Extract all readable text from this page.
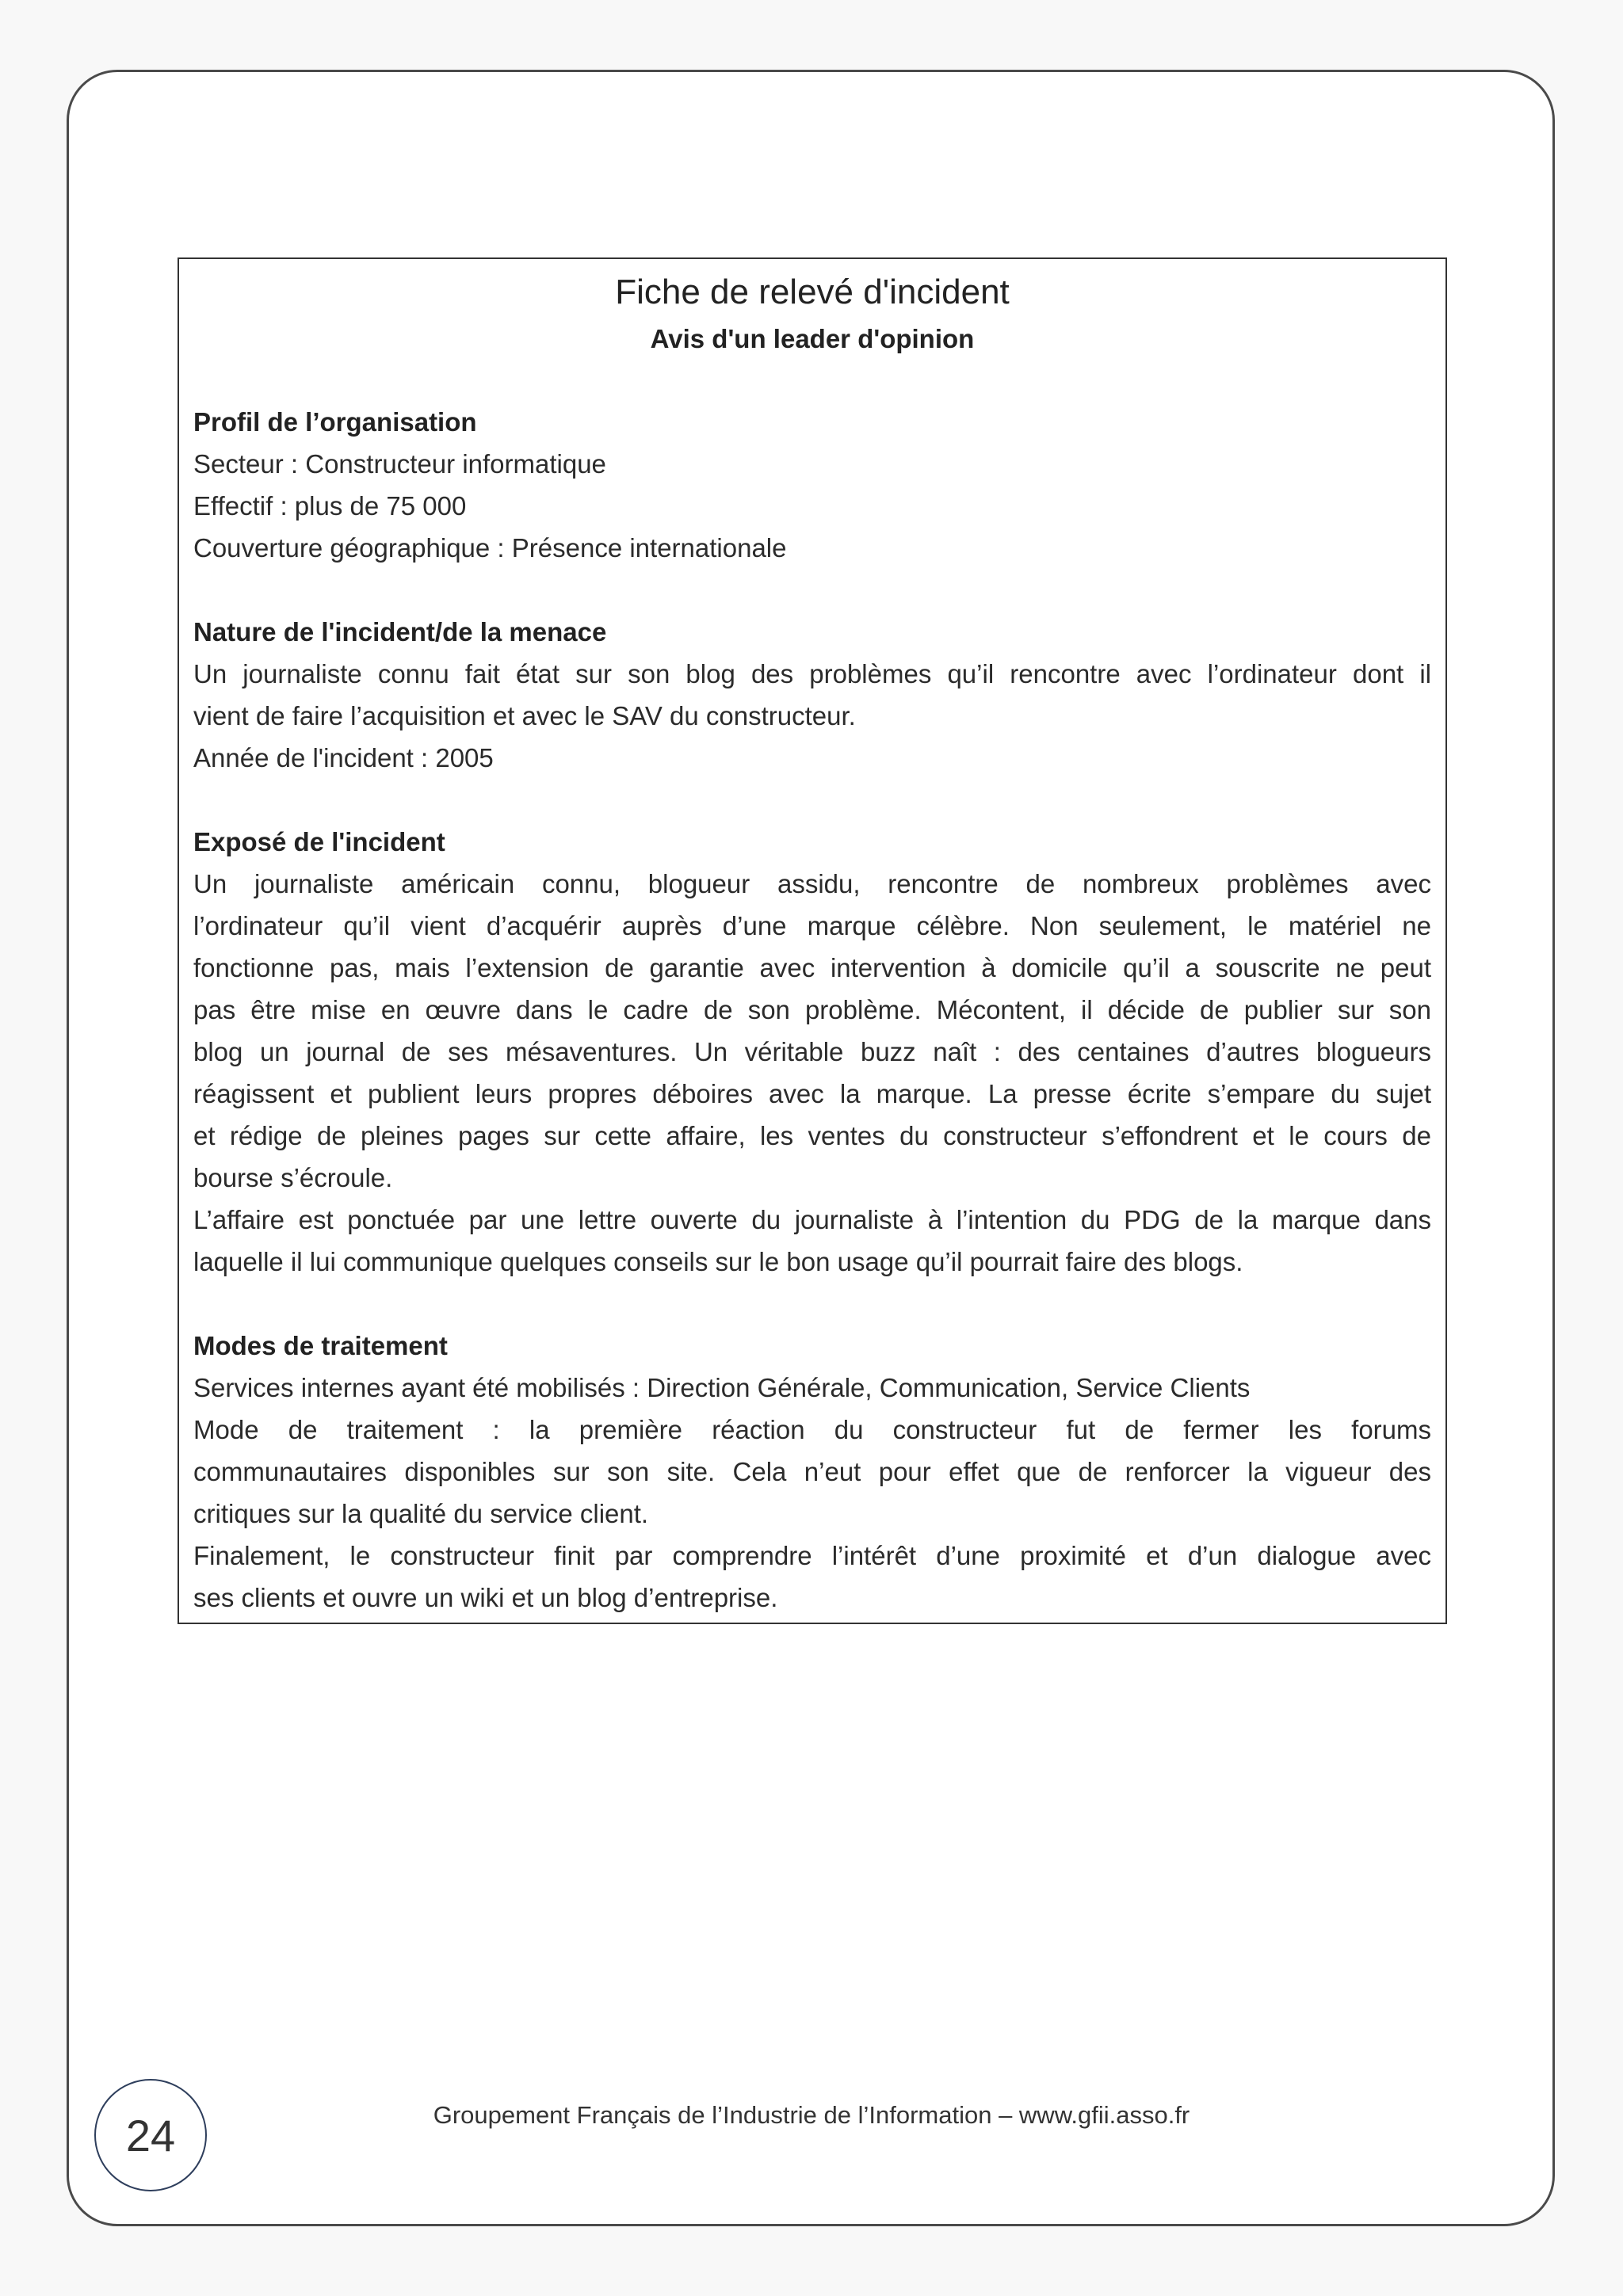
Fiche de relevé d'incident
Avis d'un leader d'opinion

Profil de l’organisation

Secteur : Constructeur informatique

Effectif : plus de 75 000

Couverture géographique : Présence internationale

Nature de l'incident/de la menace

Un journaliste connu fait état sur son blog des problèmes qu’il rencontre avec l’ordinateur dont il

vient de faire l’acquisition et avec le SAV du constructeur.

Année de l'incident : 2005

Exposé de l'incident

Un journaliste américain connu, blogueur assidu, rencontre de nombreux problèmes avec

l’ordinateur qu’il vient d’acquérir auprès d’une marque célèbre. Non seulement, le matériel ne

fonctionne pas, mais l’extension de garantie avec intervention à domicile qu’il a souscrite ne peut

pas être mise en œuvre dans le cadre de son problème. Mécontent, il décide de publier sur son

blog un journal de ses mésaventures. Un véritable buzz naît : des centaines d’autres blogueurs

réagissent et publient leurs propres déboires avec la marque. La presse écrite s’empare du sujet

et rédige de pleines pages sur cette affaire, les ventes du constructeur s’effondrent et le cours de

bourse s’écroule.

L’affaire est ponctuée par une lettre ouverte du journaliste à l’intention du PDG de la marque dans

laquelle il lui communique quelques conseils sur le bon usage qu’il pourrait faire des blogs.

Modes de traitement

Services internes ayant été mobilisés : Direction Générale, Communication, Service Clients

Mode de traitement : la première réaction du constructeur fut de fermer les forums

communautaires disponibles sur son site. Cela n’eut pour effet que de renforcer la vigueur des

critiques sur la qualité du service client.

Finalement, le constructeur finit par comprendre l’intérêt d’une proximité et d’un dialogue avec

ses clients et ouvre un wiki et un blog d’entreprise.

24	Groupement Français de l’Industrie de l’Information – www.gfii.asso.fr
